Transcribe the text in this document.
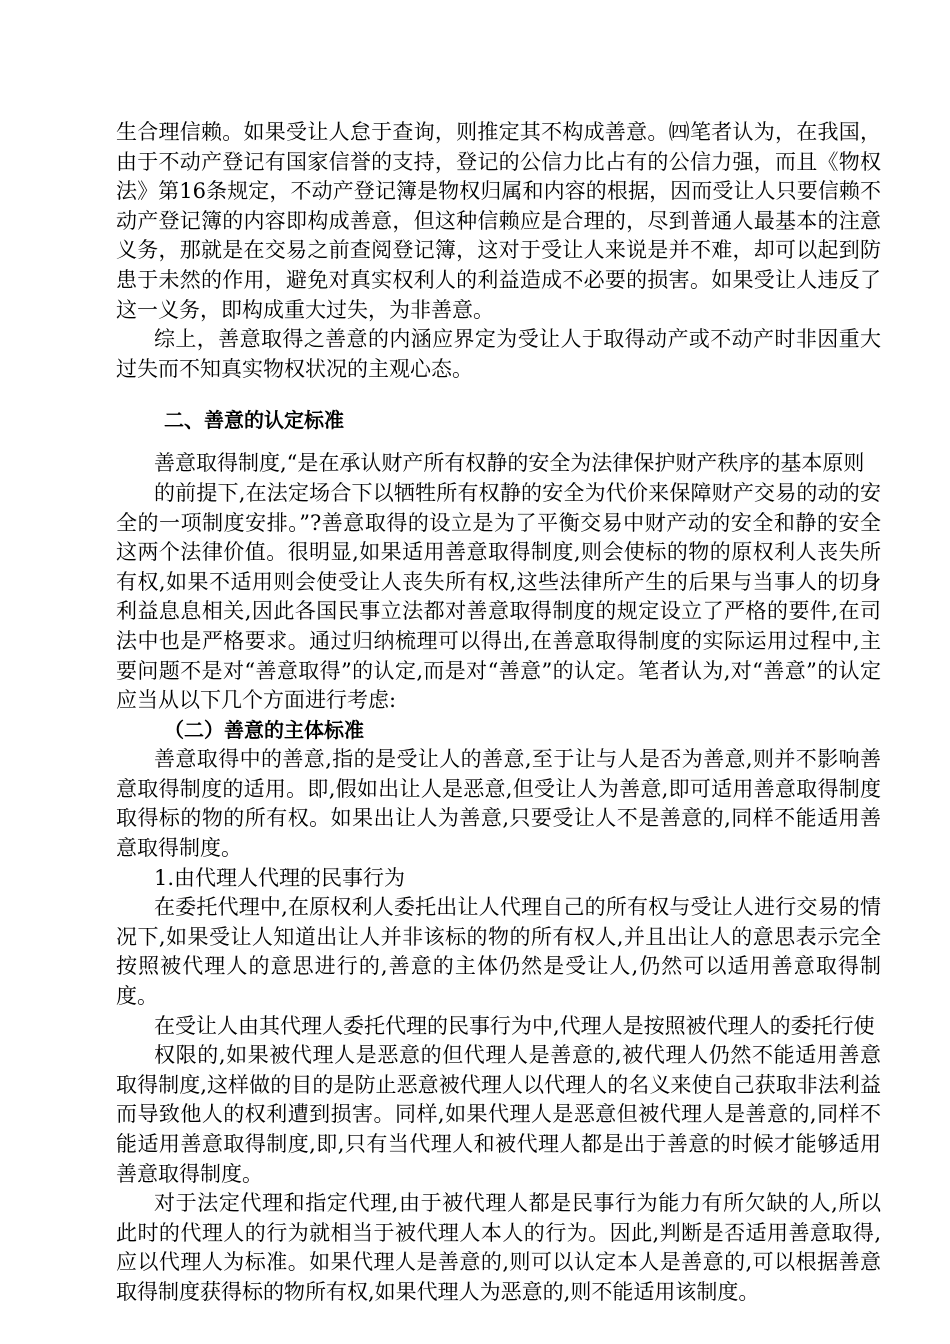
生合理信赖。如果受让人怠于查询，则推定其不构成善意。㈣笔者认为，在我国，由于不动产登记有国家信誉的支持，登记的公信力比占有的公信力强，而且《物权法》第16条规定，不动产登记簿是物权归属和内容的根据，因而受让人只要信赖不动产登记簿的内容即构成善意，但这种信赖应是合理的，尽到普通人最基本的注意义务，那就是在交易之前查阅登记簿，这对于受让人来说是并不难，却可以起到防患于未然的作用，避免对真实权利人的利益造成不必要的损害。如果受让人违反了这一义务，即构成重大过失，为非善意。

综上，善意取得之善意的内涵应界定为受让人于取得动产或不动产时非因重大过失而不知真实物权状况的主观心态。

二、善意的认定标准

善意取得制度,“是在承认财产所有权静的安全为法律保护财产秩序的基本原则

的前提下,在法定场合下以牺牲所有权静的安全为代价来保障财产交易的动的安全的一项制度安排。”?善意取得的设立是为了平衡交易中财产动的安全和静的安全这两个法律价值。很明显,如果适用善意取得制度,则会使标的物的原权利人丧失所有权,如果不适用则会使受让人丧失所有权,这些法律所产生的后果与当事人的切身利益息息相关,因此各国民事立法都对善意取得制度的规定设立了严格的要件,在司法中也是严格要求。通过归纳梳理可以得出,在善意取得制度的实际运用过程中,主要问题不是对“善意取得”的认定,而是对“善意”的认定。笔者认为,对“善意”的认定应当从以下几个方面进行考虑:

（二）善意的主体标准

善意取得中的善意,指的是受让人的善意,至于让与人是否为善意,则并不影响善意取得制度的适用。即,假如出让人是恶意,但受让人为善意,即可适用善意取得制度取得标的物的所有权。如果出让人为善意,只要受让人不是善意的,同样不能适用善意取得制度。

1.由代理人代理的民事行为

在委托代理中,在原权利人委托出让人代理自己的所有权与受让人进行交易的情况下,如果受让人知道出让人并非该标的物的所有权人,并且出让人的意思表示完全按照被代理人的意思进行的,善意的主体仍然是受让人,仍然可以适用善意取得制度。

在受让人由其代理人委托代理的民事行为中,代理人是按照被代理人的委托行使

权限的,如果被代理人是恶意的但代理人是善意的,被代理人仍然不能适用善意取得制度,这样做的目的是防止恶意被代理人以代理人的名义来使自己获取非法利益而导致他人的权利遭到损害。同样,如果代理人是恶意但被代理人是善意的,同样不能适用善意取得制度,即,只有当代理人和被代理人都是出于善意的时候才能够适用善意取得制度。

对于法定代理和指定代理,由于被代理人都是民事行为能力有所欠缺的人,所以此时的代理人的行为就相当于被代理人本人的行为。因此,判断是否适用善意取得,应以代理人为标准。如果代理人是善意的,则可以认定本人是善意的,可以根据善意取得制度获得标的物所有权,如果代理人为恶意的,则不能适用该制度。
